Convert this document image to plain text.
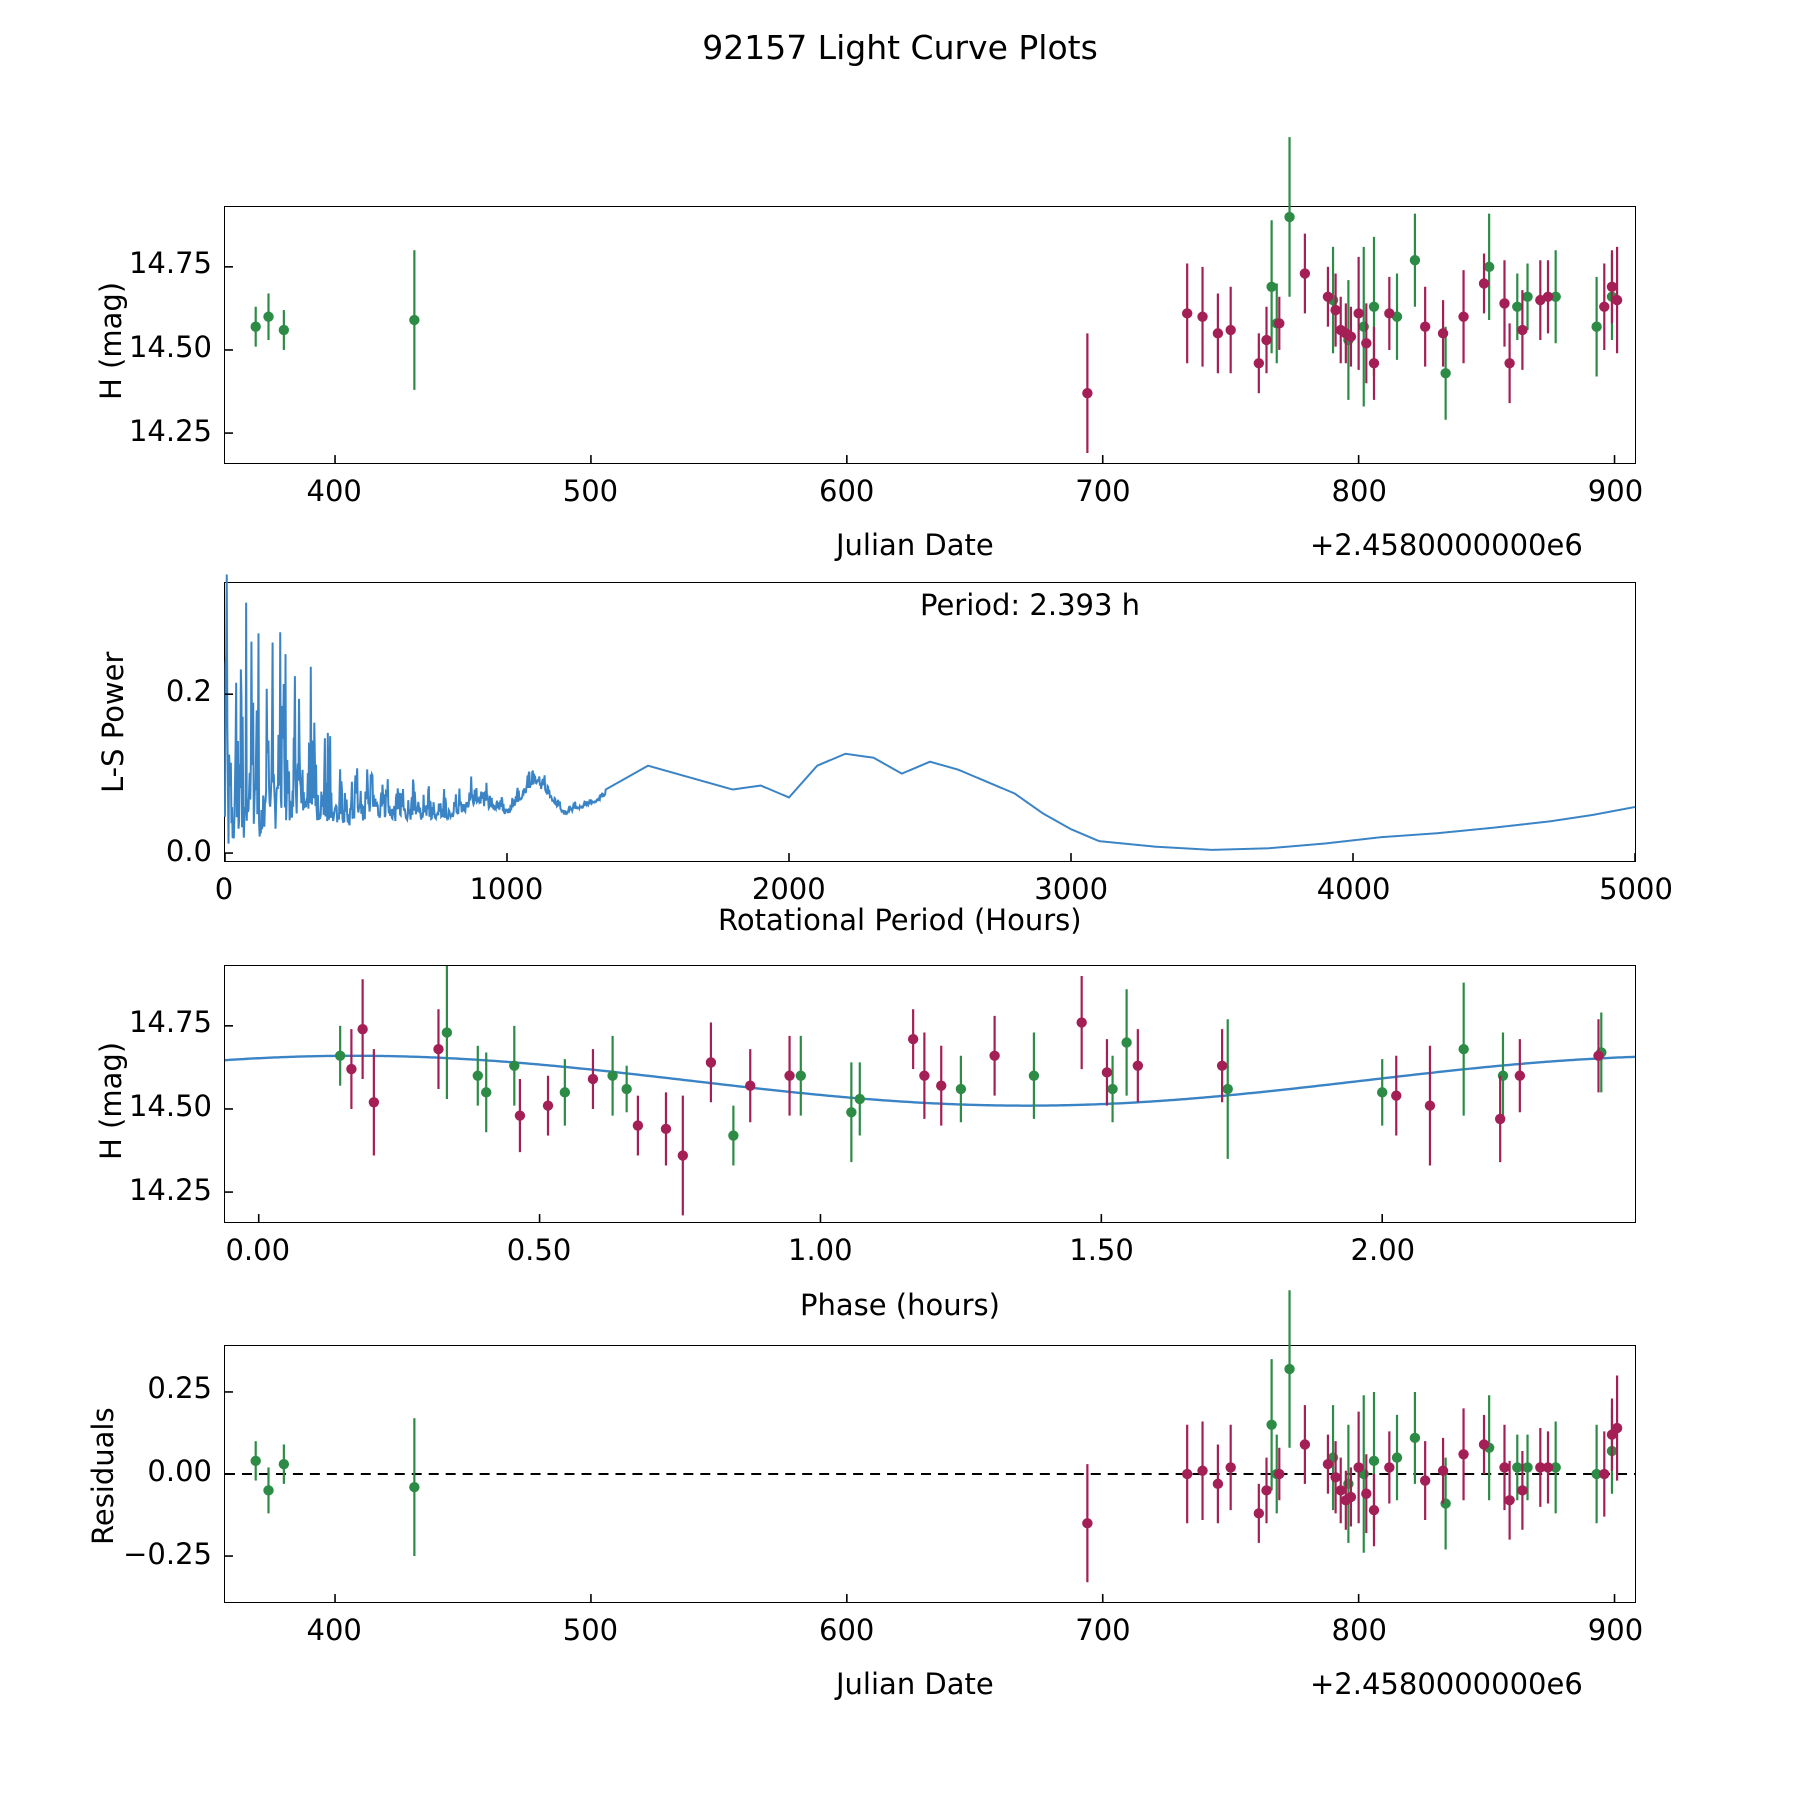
92157 Light Curve Plots
Julian Date	+2.4580000000e6
H (mag)
Period: 2.393 h
Rotational Period (Hours)
L-S Power
Phase (hours)
H (mag)
Julian Date	+2.4580000000e6
Residuals
400	500	600	700	800	900
14.25
14.50
14.75
0	1000	2000	3000	4000	5000
0.0
0.2
0.00	0.50	1.00	1.50	2.00
14.25
14.50
14.75
400	500	600	700	800	900
−0.25
0.00
0.25
